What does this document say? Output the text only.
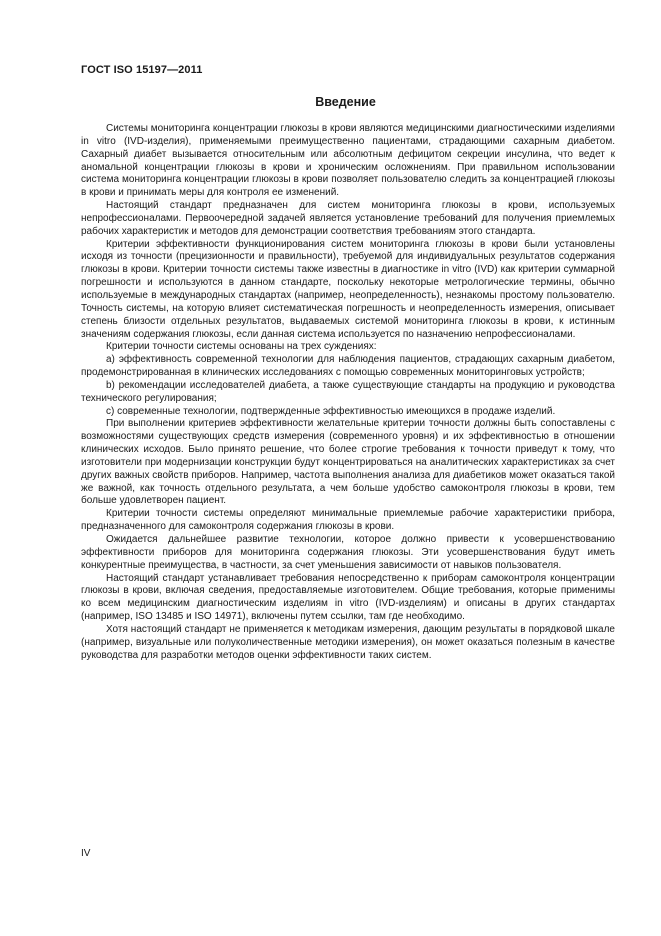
ГОСТ ISO 15197—2011
Введение

Системы мониторинга концентрации глюкозы в крови являются медицинскими диагностическими изделиями in vitro (IVD-изделия), применяемыми преимущественно пациентами, страдающими сахарным диабетом. Сахарный диабет вызывается относительным или абсолютным дефицитом секреции инсулина, что ведет к аномальной концентрации глюкозы в крови и хроническим осложнениям. При правильном использовании система мониторинга концентрации глюкозы в крови позволяет пользователю следить за концентрацией глюкозы в крови и принимать меры для контроля ее изменений.

Настоящий стандарт предназначен для систем мониторинга глюкозы в крови, используемых непрофессионалами. Первоочередной задачей является установление требований для получения приемлемых рабочих характеристик и методов для демонстрации соответствия требованиям этого стандарта.

Критерии эффективности функционирования систем мониторинга глюкозы в крови были установлены исходя из точности (прецизионности и правильности), требуемой для индивидуальных результатов содержания глюкозы в крови. Критерии точности системы также известны в диагностике in vitro (IVD) как критерии суммарной погрешности и используются в данном стандарте, поскольку некоторые метрологические термины, обычно используемые в международных стандартах (например, неопределенность), незнакомы простому пользователю. Точность системы, на которую влияет систематическая погрешность и неопределенность измерения, описывает степень близости отдельных результатов, выдаваемых системой мониторинга глюкозы в крови, к истинным значениям содержания глюкозы, если данная система используется по назначению непрофессионалами.

Критерии точности системы основаны на трех суждениях:

a) эффективность современной технологии для наблюдения пациентов, страдающих сахарным диабетом, продемонстрированная в клинических исследованиях с помощью современных мониторинговых устройств;

b) рекомендации исследователей диабета, а также существующие стандарты на продукцию и руководства технического регулирования;

c) современные технологии, подтвержденные эффективностью имеющихся в продаже изделий.

При выполнении критериев эффективности желательные критерии точности должны быть сопоставлены с возможностями существующих средств измерения (современного уровня) и их эффективностью в отношении клинических исходов. Было принято решение, что более строгие требования к точности приведут к тому, что изготовители при модернизации конструкции будут концентрироваться на аналитических характеристиках за счет других важных свойств приборов. Например, частота выполнения анализа для диабетиков может оказаться такой же важной, как точность отдельного результата, а чем больше удобство самоконтроля глюкозы в крови, тем больше удовлетворен пациент.

Критерии точности системы определяют минимальные приемлемые рабочие характеристики прибора, предназначенного для самоконтроля содержания глюкозы в крови.

Ожидается дальнейшее развитие технологии, которое должно привести к усовершенствованию эффективности приборов для мониторинга содержания глюкозы. Эти усовершенствования будут иметь конкурентные преимущества, в частности, за счет уменьшения зависимости от навыков пользователя.

Настоящий стандарт устанавливает требования непосредственно к приборам самоконтроля концентрации глюкозы в крови, включая сведения, предоставляемые изготовителем. Общие требования, которые применимы ко всем медицинским диагностическим изделиям in vitro (IVD-изделиям) и описаны в других стандартах (например, ISO 13485 и ISO 14971), включены путем ссылки, там где необходимо.

Хотя настоящий стандарт не применяется к методикам измерения, дающим результаты в порядковой шкале (например, визуальные или полуколичественные методики измерения), он может оказаться полезным в качестве руководства для разработки методов оценки эффективности таких систем.

IV
